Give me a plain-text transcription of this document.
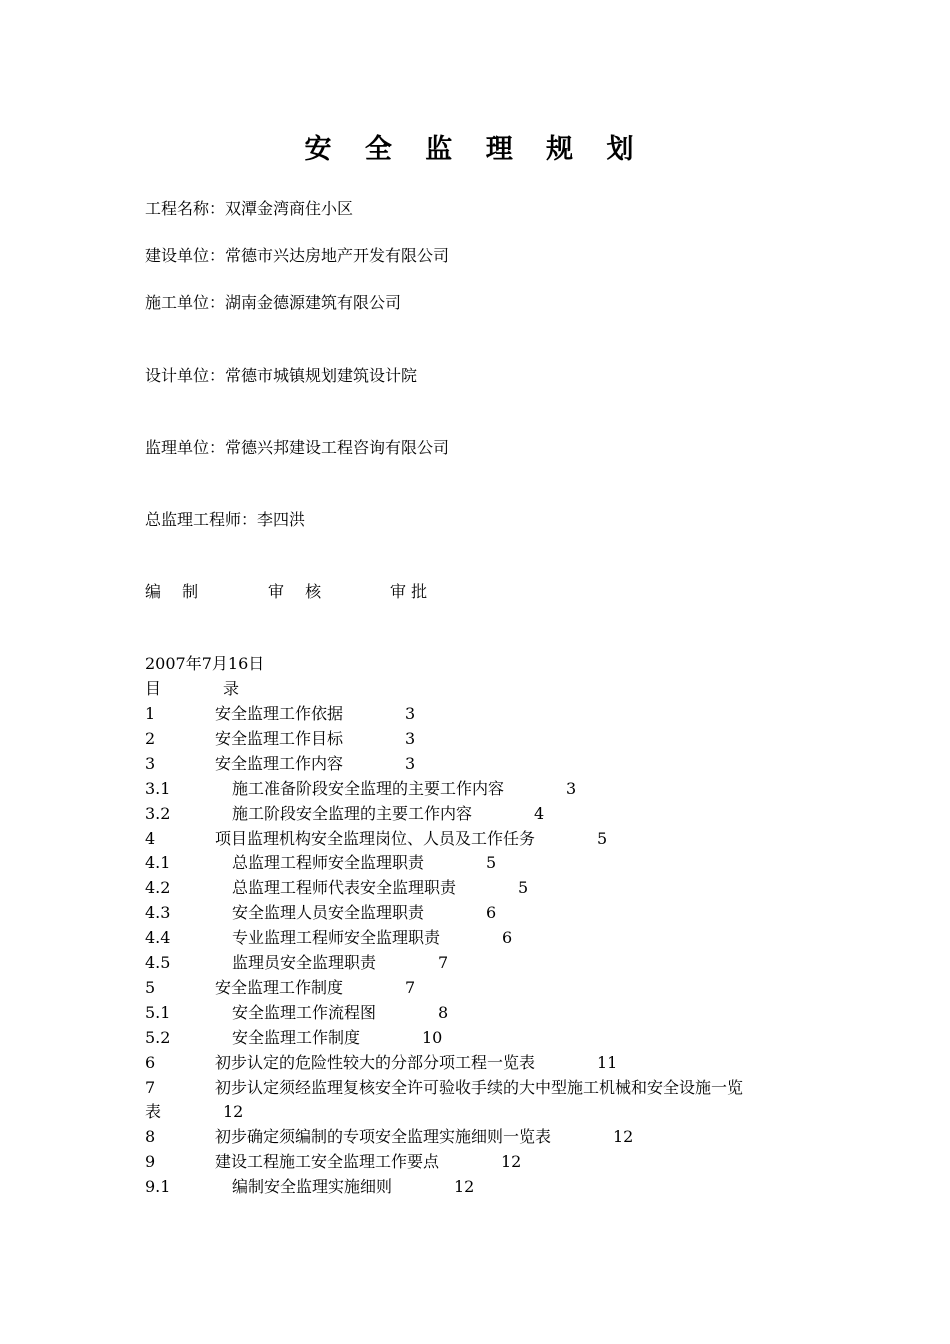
安 全 监 理 规 划
工程名称：双潭金湾商住小区
建设单位：常德市兴达房地产开发有限公司
施工单位：湖南金德源建筑有限公司
设计单位：常德市城镇规划建筑设计院
监理单位：常德兴邦建设工程咨询有限公司
总监理工程师：李四洪
编　 制	审　 核	审 批
2007年7月16日
目	录
1	安全监理工作依据	3
2	安全监理工作目标	3
3	安全监理工作内容	3
3.1	施工准备阶段安全监理的主要工作内容	3
3.2	施工阶段安全监理的主要工作内容	4
4	项目监理机构安全监理岗位、人员及工作任务	5
4.1	总监理工程师安全监理职责	5
4.2	总监理工程师代表安全监理职责	5
4.3	安全监理人员安全监理职责	6
4.4	专业监理工程师安全监理职责	6
4.5	监理员安全监理职责	7
5	安全监理工作制度	7
5.1	安全监理工作流程图	8
5.2	安全监理工作制度	10
6	初步认定的危险性较大的分部分项工程一览表	11
7	初步认定须经监理复核安全许可验收手续的大中型施工机械和安全设施一览
表	12
8	初步确定须编制的专项安全监理实施细则一览表	12
9	建设工程施工安全监理工作要点	12
9.1	编制安全监理实施细则	12
